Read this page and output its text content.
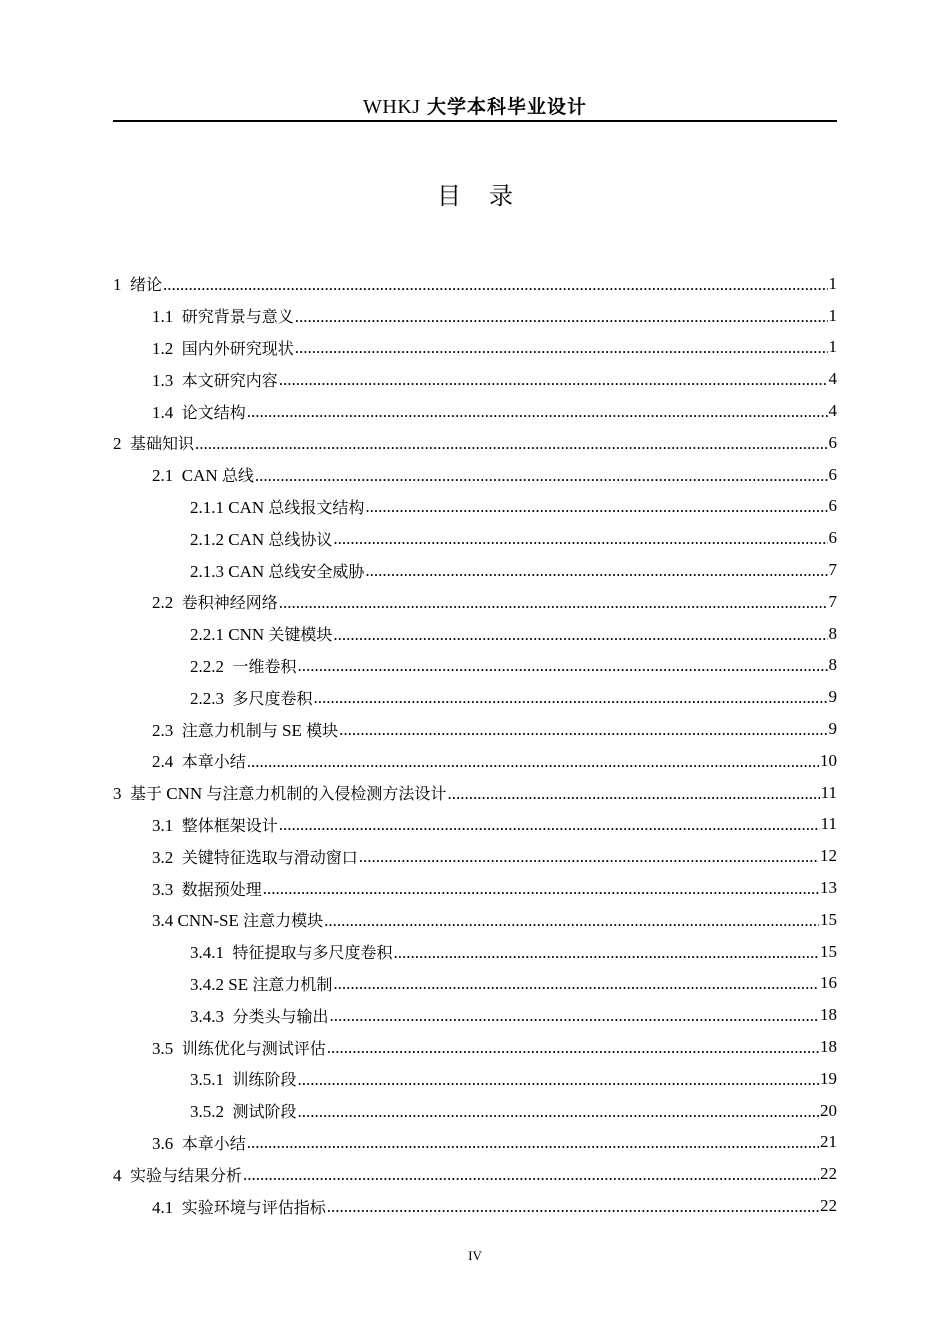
WHKJ 大学本科毕业设计
目录
1  绪论 .....	1
1.1  研究背景与意义 .....	1
1.2  国内外研究现状 .....	1
1.3  本文研究内容 .....	4
1.4  论文结构 .....	4
2  基础知识 .....	6
2.1  CAN 总线 .....	6
2.1.1 CAN 总线报文结构 .....	6
2.1.2 CAN 总线协议 .....	6
2.1.3 CAN 总线安全威胁 .....	7
2.2  卷积神经网络 .....	7
2.2.1 CNN 关键模块 .....	8
2.2.2  一维卷积 .....	8
2.2.3  多尺度卷积 .....	9
2.3  注意力机制与 SE 模块 .....	9
2.4  本章小结 .....	10
3  基于 CNN 与注意力机制的入侵检测方法设计 .....	11
3.1  整体框架设计 .....	11
3.2  关键特征选取与滑动窗口 .....	12
3.3  数据预处理 .....	13
3.4 CNN-SE 注意力模块 .....	15
3.4.1  特征提取与多尺度卷积 .....	15
3.4.2 SE 注意力机制 .....	16
3.4.3  分类头与输出 .....	18
3.5  训练优化与测试评估 .....	18
3.5.1  训练阶段 .....	19
3.5.2  测试阶段 .....	20
3.6  本章小结 .....	21
4  实验与结果分析 .....	22
4.1  实验环境与评估指标 .....	22
IV
